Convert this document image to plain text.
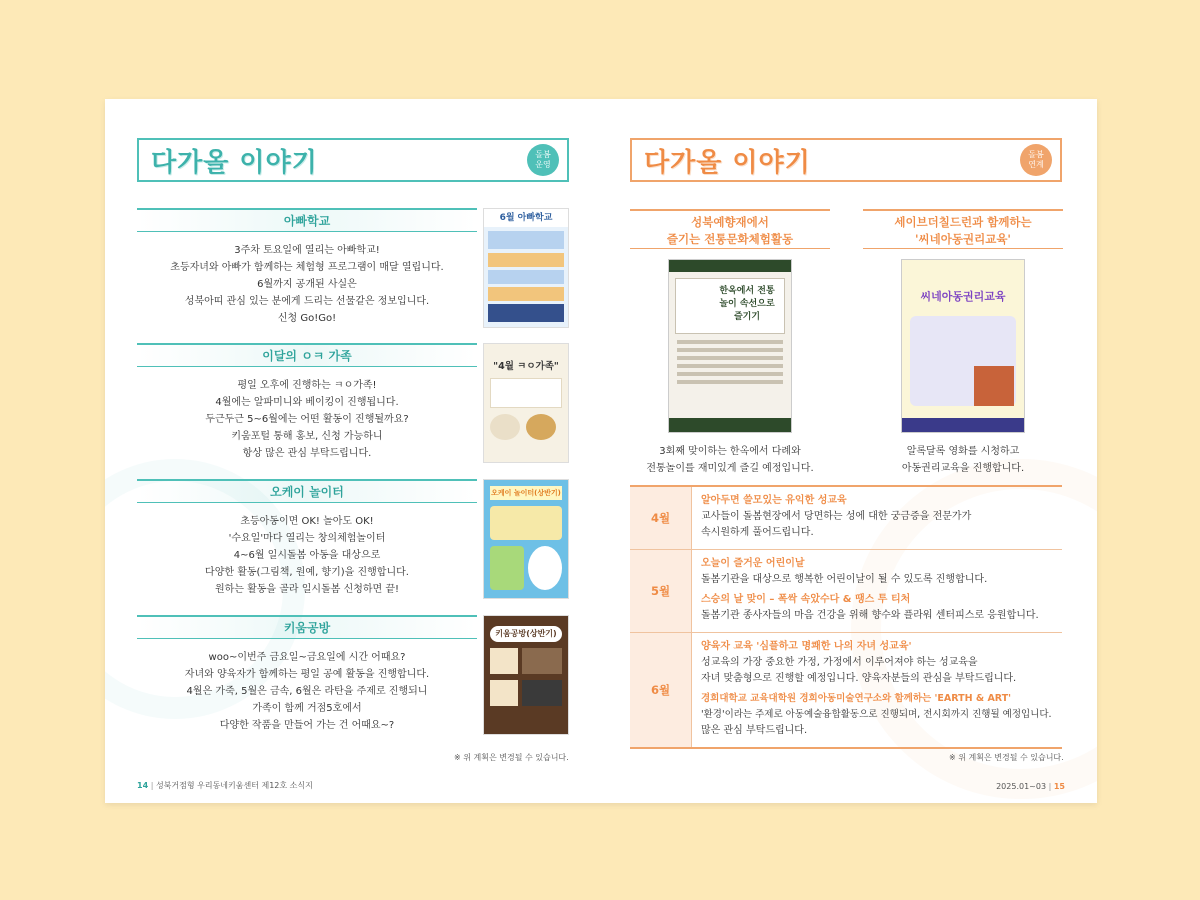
다가올 이야기	돌봄
운영
아빠학교
3주차 토요일에 열리는 아빠학교!
초등자녀와 아빠가 함께하는 체험형 프로그램이 매달 열립니다.
6월까지 공개된 사실은
성북아띠 관심 있는 분에게 드리는 선물같은 정보입니다.
신청 Go!Go!
6월 아빠학교
이달의 ㅇㅋ 가족
평일 오후에 진행하는 ㅋㅇ가족!
4월에는 알파미니와 베이킹이 진행됩니다.
두근두근 5~6월에는 어떤 활동이 진행될까요?
키움포털 통해 홍보, 신청 가능하니
항상 많은 관심 부탁드립니다.
"4월 ㅋㅇ가족"
오케이 놀이터
초등아동이면 OK! 놀아도 OK!
'수요일'마다 열리는 창의체험놀이터
4~6월 일시돌봄 아동을 대상으로
다양한 활동(그림책, 원예, 향기)을 진행합니다.
원하는 활동을 골라 일시돌봄 신청하면 끝!
오케이 놀이터(상반기)
키움공방
woo~이번주 금요일~금요일에 시간 어때요?
자녀와 양육자가 함께하는 평일 공예 활동을 진행합니다.
4월은 가죽, 5월은 금속, 6월은 라탄을 주제로 진행되니
가족이 함께 거점5호에서
다양한 작품을 만들어 가는 건 어때요~?
키움공방(상반기)
※ 위 계획은 변경될 수 있습니다.
14 | 성북거점형 우리동네키움센터 제12호 소식지
다가올 이야기	돌봄
연계
성북예향재에서
즐기는 전통문화체험활동
한옥에서 전통놀이 속선으로 즐기기
3회째 맞이하는 한옥에서 다례와
전통놀이를 재미있게 즐길 예정입니다.
세이브더칠드런과 함께하는
'씨네아동권리교육'
씨네아동권리교육
알록달록 영화를 시청하고
아동권리교육을 진행합니다.
4월
알아두면 쓸모있는 유익한 성교육
교사들이 돌봄현장에서 당면하는 성에 대한 궁금증을 전문가가
속시원하게 풀어드립니다.
5월
오늘이 즐거운 어린이날
돌봄기관을 대상으로 행복한 어린이날이 될 수 있도록 진행합니다.
스승의 날 맞이 – 폭싹 속았수다 & 땡스 투 티처
돌봄기관 종사자들의 마음 건강을 위해 향수와 플라워 센터피스로 응원합니다.
6월
양육자 교육 '심플하고 명쾌한 나의 자녀 성교육'
성교육의 가장 중요한 가정, 가정에서 이루어져야 하는 성교육을
자녀 맞춤형으로 진행할 예정입니다. 양육자분들의 관심을 부탁드립니다.
경희대학교 교육대학원 경희아동미술연구소와 함께하는 'EARTH & ART'
'환경'이라는 주제로 아동예술융합활동으로 진행되며, 전시회까지 진행될 예정입니다.
많은 관심 부탁드립니다.
※ 위 계획은 변경될 수 있습니다.
2025.01~03 | 15
